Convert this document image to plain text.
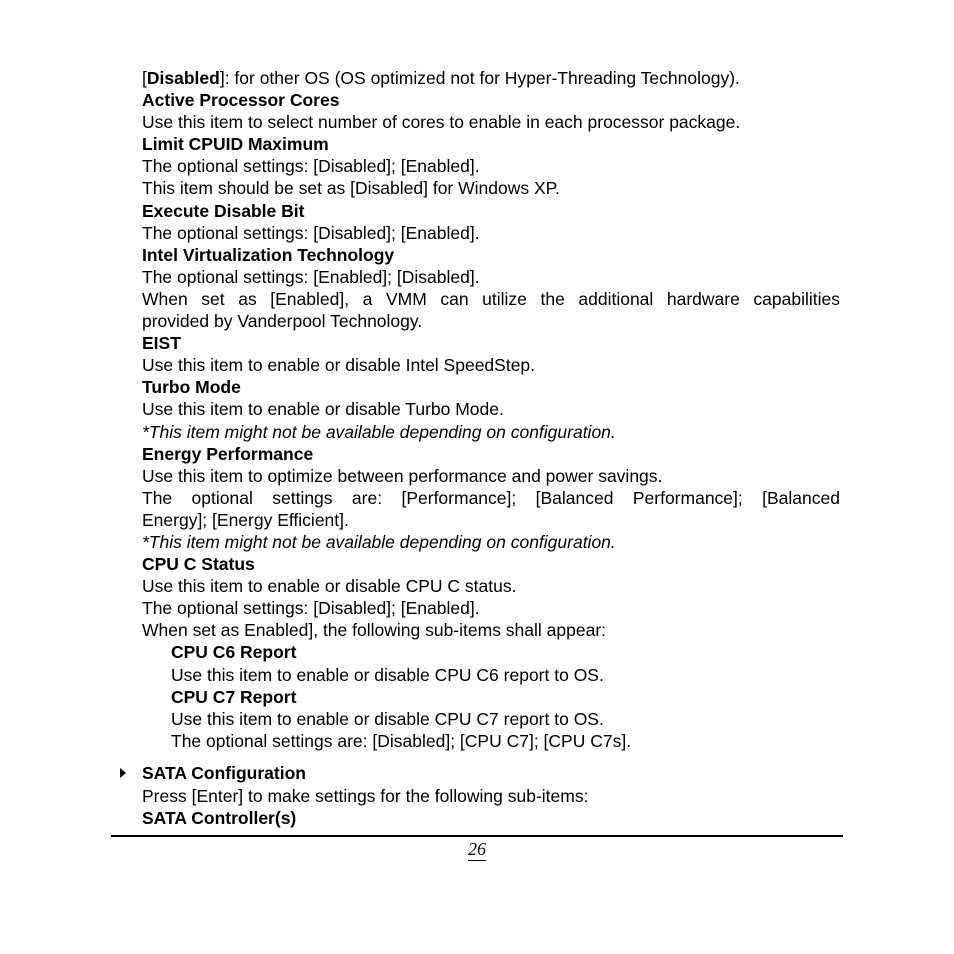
[Disabled]: for other OS (OS optimized not for Hyper-Threading Technology).
Active Processor Cores
Use this item to select number of cores to enable in each processor package.
Limit CPUID Maximum
The optional settings: [Disabled]; [Enabled].
This item should be set as [Disabled] for Windows XP.
Execute Disable Bit
The optional settings: [Disabled]; [Enabled].
Intel Virtualization Technology
The optional settings: [Enabled]; [Disabled].
When set as [Enabled], a VMM can utilize the additional hardware capabilities
provided by Vanderpool Technology.
EIST
Use this item to enable or disable Intel SpeedStep.
Turbo Mode
Use this item to enable or disable Turbo Mode.
*This item might not be available depending on configuration.
Energy Performance
Use this item to optimize between performance and power savings.
The optional settings are: [Performance]; [Balanced Performance]; [Balanced
Energy]; [Energy Efficient].
*This item might not be available depending on configuration.
CPU C Status
Use this item to enable or disable CPU C status.
The optional settings: [Disabled]; [Enabled].
When set as Enabled], the following sub-items shall appear:
CPU C6 Report
Use this item to enable or disable CPU C6 report to OS.
CPU C7 Report
Use this item to enable or disable CPU C7 report to OS.
The optional settings are: [Disabled]; [CPU C7]; [CPU C7s].
SATA Configuration
Press [Enter] to make settings for the following sub-items:
SATA Controller(s)
26
